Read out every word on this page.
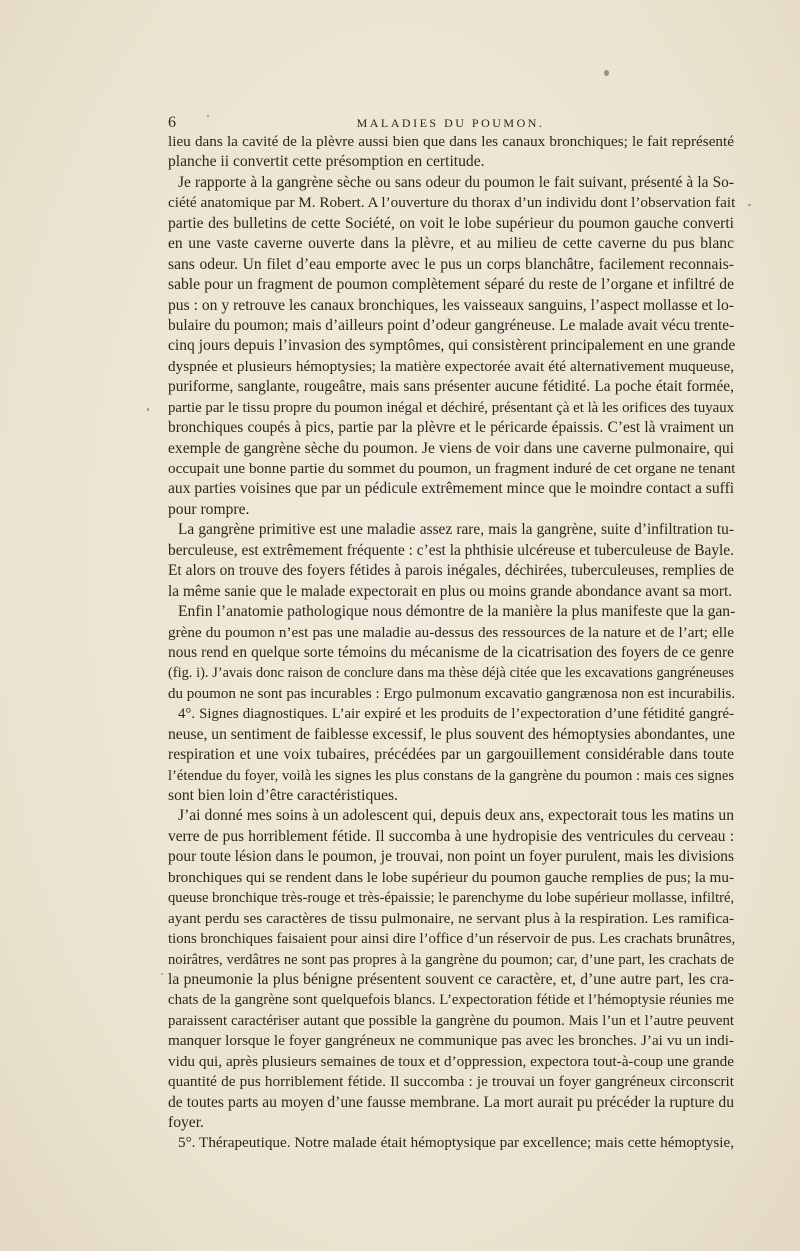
6	MALADIES DU POUMON.
lieu dans la cavité de la plèvre aussi bien que dans les canaux bronchiques; le fait représenté
planche ii convertit cette présomption en certitude.
Je rapporte à la gangrène sèche ou sans odeur du poumon le fait suivant, présenté à la So-
ciété anatomique par M. Robert. A l’ouverture du thorax d’un individu dont l’observation fait
partie des bulletins de cette Société, on voit le lobe supérieur du poumon gauche converti
en une vaste caverne ouverte dans la plèvre, et au milieu de cette caverne du pus blanc
sans odeur. Un filet d’eau emporte avec le pus un corps blanchâtre, facilement reconnais-
sable pour un fragment de poumon complètement séparé du reste de l’organe et infiltré de
pus : on y retrouve les canaux bronchiques, les vaisseaux sanguins, l’aspect mollasse et lo-
bulaire du poumon; mais d’ailleurs point d’odeur gangréneuse. Le malade avait vécu trente-
cinq jours depuis l’invasion des symptômes, qui consistèrent principalement en une grande
dyspnée et plusieurs hémoptysies; la matière expectorée avait été alternativement muqueuse,
puriforme, sanglante, rougeâtre, mais sans présenter aucune fétidité. La poche était formée,
partie par le tissu propre du poumon inégal et déchiré, présentant çà et là les orifices des tuyaux
bronchiques coupés à pics, partie par la plèvre et le péricarde épaissis. C’est là vraiment un
exemple de gangrène sèche du poumon. Je viens de voir dans une caverne pulmonaire, qui
occupait une bonne partie du sommet du poumon, un fragment induré de cet organe ne tenant
aux parties voisines que par un pédicule extrêmement mince que le moindre contact a suffi
pour rompre.
La gangrène primitive est une maladie assez rare, mais la gangrène, suite d’infiltration tu-
berculeuse, est extrêmement fréquente : c’est la phthisie ulcéreuse et tuberculeuse de Bayle.
Et alors on trouve des foyers fétides à parois inégales, déchirées, tuberculeuses, remplies de
la même sanie que le malade expectorait en plus ou moins grande abondance avant sa mort.
Enfin l’anatomie pathologique nous démontre de la manière la plus manifeste que la gan-
grène du poumon n’est pas une maladie au-dessus des ressources de la nature et de l’art; elle
nous rend en quelque sorte témoins du mécanisme de la cicatrisation des foyers de ce genre
(fig. i). J’avais donc raison de conclure dans ma thèse déjà citée que les excavations gangréneuses
du poumon ne sont pas incurables : Ergo pulmonum excavatio gangrænosa non est incurabilis.
4°. Signes diagnostiques. L’air expiré et les produits de l’expectoration d’une fétidité gangré-
neuse, un sentiment de faiblesse excessif, le plus souvent des hémoptysies abondantes, une
respiration et une voix tubaires, précédées par un gargouillement considérable dans toute
l’étendue du foyer, voilà les signes les plus constans de la gangrène du poumon : mais ces signes
sont bien loin d’être caractéristiques.
J’ai donné mes soins à un adolescent qui, depuis deux ans, expectorait tous les matins un
verre de pus horriblement fétide. Il succomba à une hydropisie des ventricules du cerveau :
pour toute lésion dans le poumon, je trouvai, non point un foyer purulent, mais les divisions
bronchiques qui se rendent dans le lobe supérieur du poumon gauche remplies de pus; la mu-
queuse bronchique très-rouge et très-épaissie; le parenchyme du lobe supérieur mollasse, infiltré,
ayant perdu ses caractères de tissu pulmonaire, ne servant plus à la respiration. Les ramifica-
tions bronchiques faisaient pour ainsi dire l’office d’un réservoir de pus. Les crachats brunâtres,
noirâtres, verdâtres ne sont pas propres à la gangrène du poumon; car, d’une part, les crachats de
la pneumonie la plus bénigne présentent souvent ce caractère, et, d’une autre part, les cra-
chats de la gangrène sont quelquefois blancs. L’expectoration fétide et l’hémoptysie réunies me
paraissent caractériser autant que possible la gangrène du poumon. Mais l’un et l’autre peuvent
manquer lorsque le foyer gangréneux ne communique pas avec les bronches. J’ai vu un indi-
vidu qui, après plusieurs semaines de toux et d’oppression, expectora tout-à-coup une grande
quantité de pus horriblement fétide. Il succomba : je trouvai un foyer gangréneux circonscrit
de toutes parts au moyen d’une fausse membrane. La mort aurait pu précéder la rupture du
foyer.
5°. Thérapeutique. Notre malade était hémoptysique par excellence; mais cette hémoptysie,
